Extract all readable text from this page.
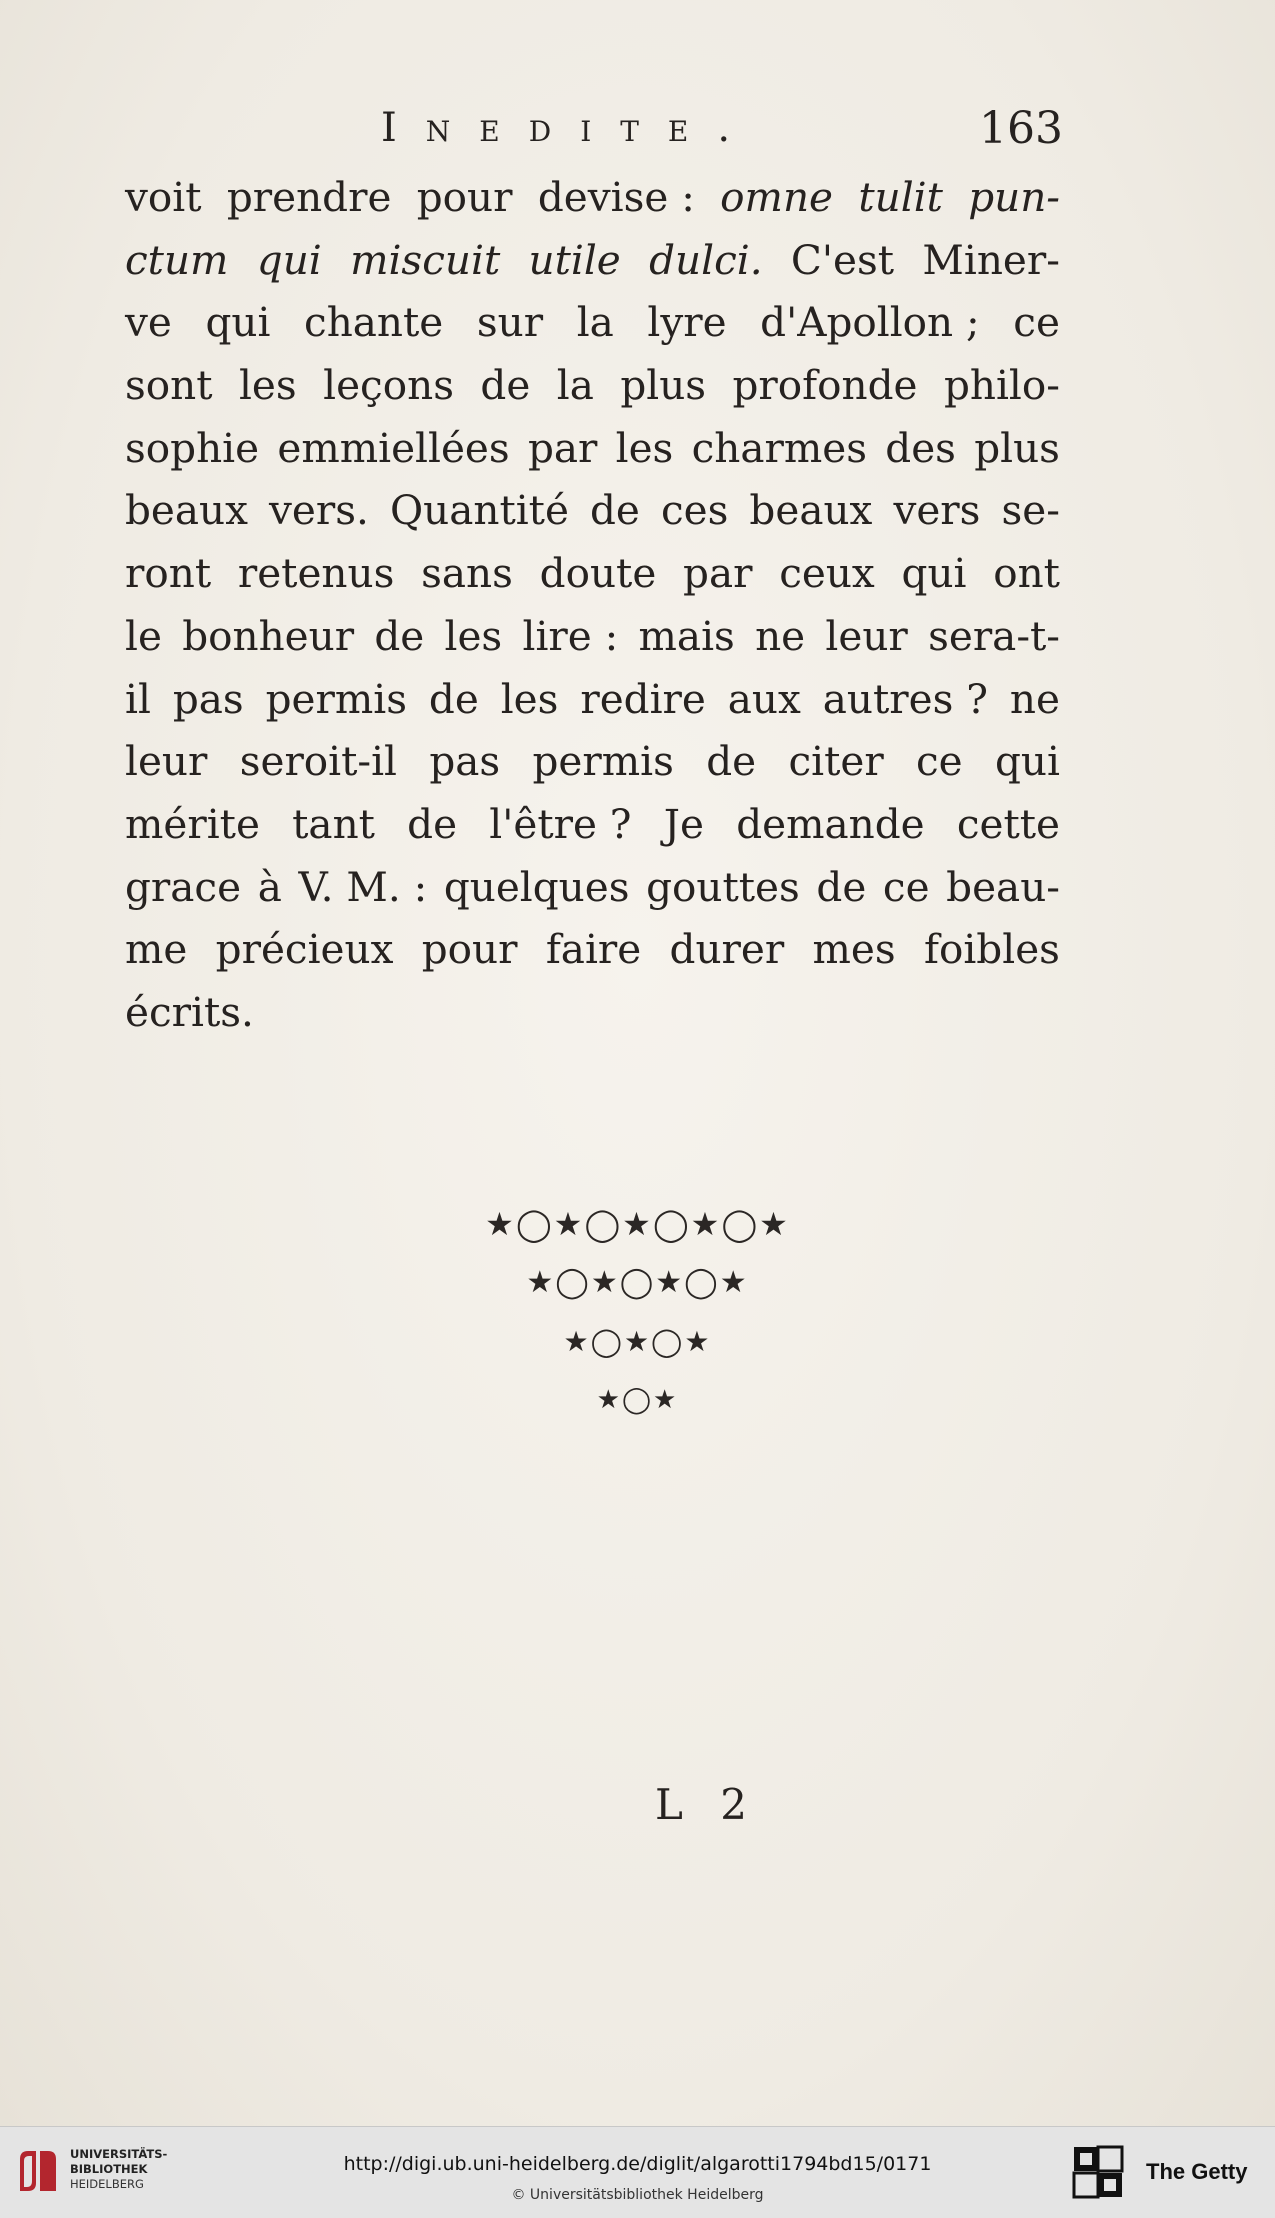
Inedite.	163
voit prendre pour devise : omne tulit pun-
ctum qui miscuit utile dulci. C'est Miner-
ve qui chante sur la lyre d'Apollon ; ce
sont les leçons de la plus profonde philo-
sophie emmiellées par les charmes des plus
beaux vers. Quantité de ces beaux vers se-
ront retenus sans doute par ceux qui ont
le bonheur de les lire : mais ne leur sera-t-
il pas permis de les redire aux autres ? ne
leur seroit-il pas permis de citer ce qui
mérite tant de l'être ? Je demande cette
grace à V. M. : quelques gouttes de ce beau-
me précieux pour faire durer mes foibles
écrits.
★◯★◯★◯★◯★
★◯★◯★◯★
★◯★◯★
★◯★
L 2
UNIVERSITÄTS-
BIBLIOTHEK
HEIDELBERG
http://digi.ub.uni-heidelberg.de/diglit/algarotti1794bd15/0171
© Universitätsbibliothek Heidelberg
The Getty
